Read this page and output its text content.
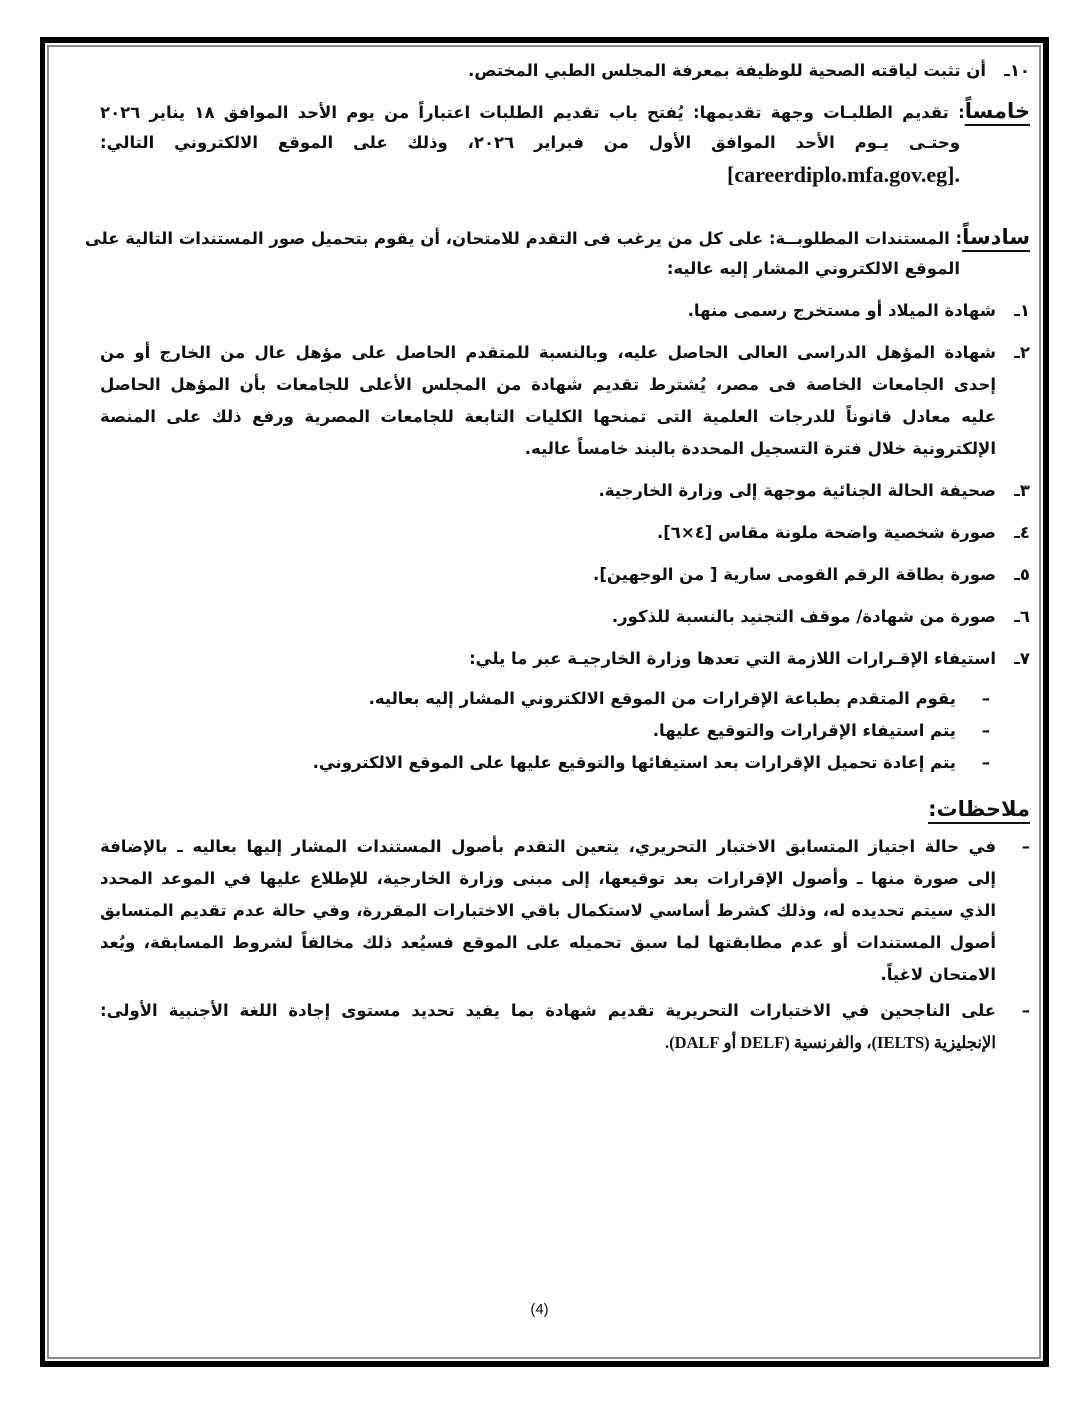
١٠ـأن تثبت لياقته الصحية للوظيفة بمعرفة المجلس الطبي المختص.
خامساً: تقديم الطلبـات وجهة تقديمها: يُفتح باب تقديم الطلبات اعتباراً من يوم الأحد الموافق ١٨ يناير ٢٠٢٦
وحتـى يـوم الأحد الموافق الأول من فبراير ٢٠٢٦، وذلك على الموقع الالكتروني التالي:
.[careerdiplo.mfa.gov.eg]
سادساً: المستندات المطلوبــة: على كل من يرغب فى التقدم للامتحان، أن يقوم بتحميل صور المستندات التالية على
الموقع الالكتروني المشار إليه عاليه:
١ـشهادة الميلاد أو مستخرج رسمى منها.
٢ـشهادة المؤهل الدراسى العالى الحاصل عليه، وبالنسبة للمتقدم الحاصل على مؤهل عال من الخارج أو من
إحدى الجامعات الخاصة فى مصر، يُشترط تقديم شهادة من المجلس الأعلى للجامعات بأن المؤهل الحاصل
عليه معادل قانوناً للدرجات العلمية التى تمنحها الكليات التابعة للجامعات المصرية ورفع ذلك على المنصة
الإلكترونية خلال فترة التسجيل المحددة بالبند خامساً عاليه.
٣ـصحيفة الحالة الجنائية موجهة إلى وزارة الخارجية.
٤ـصورة شخصية واضحة ملونة مقاس [٤×٦].
٥ـصورة بطاقة الرقم القومى سارية [ من الوجهين].
٦ـصورة من شهادة/ موقف التجنيد بالنسبة للذكور.
٧ـاستيفاء الإقـرارات اللازمة التي تعدها وزارة الخارجيـة عبر ما يلي:
–يقوم المتقدم بطباعة الإقرارات من الموقع الالكتروني المشار إليه بعاليه.
–يتم استيفاء الإقرارات والتوقيع عليها.
–يتم إعادة تحميل الإقرارات بعد استيفائها والتوقيع عليها على الموقع الالكتروني.
ملاحظات:
–في حالة اجتياز المتسابق الاختبار التحريري، يتعين التقدم بأصول المستندات المشار إليها بعاليه ـ بالإضافة
إلى صورة منها ـ وأصول الإقرارات بعد توقيعها، إلى مبنى وزارة الخارجية، للإطلاع عليها في الموعد المحدد
الذي سيتم تحديده له، وذلك كشرط أساسي لاستكمال باقي الاختبارات المقررة، وفي حالة عدم تقديم المتسابق
أصول المستندات أو عدم مطابقتها لما سبق تحميله على الموقع فسيُعد ذلك مخالفاً لشروط المسابقة، ويُعد
الامتحان لاغياً.
–على الناجحين في الاختبارات التحريرية تقديم شهادة بما يفيد تحديد مستوى إجادة اللغة الأجنبية الأولى:
الإنجليزية (IELTS)، والفرنسية (DELF أو DALF).
(4)
